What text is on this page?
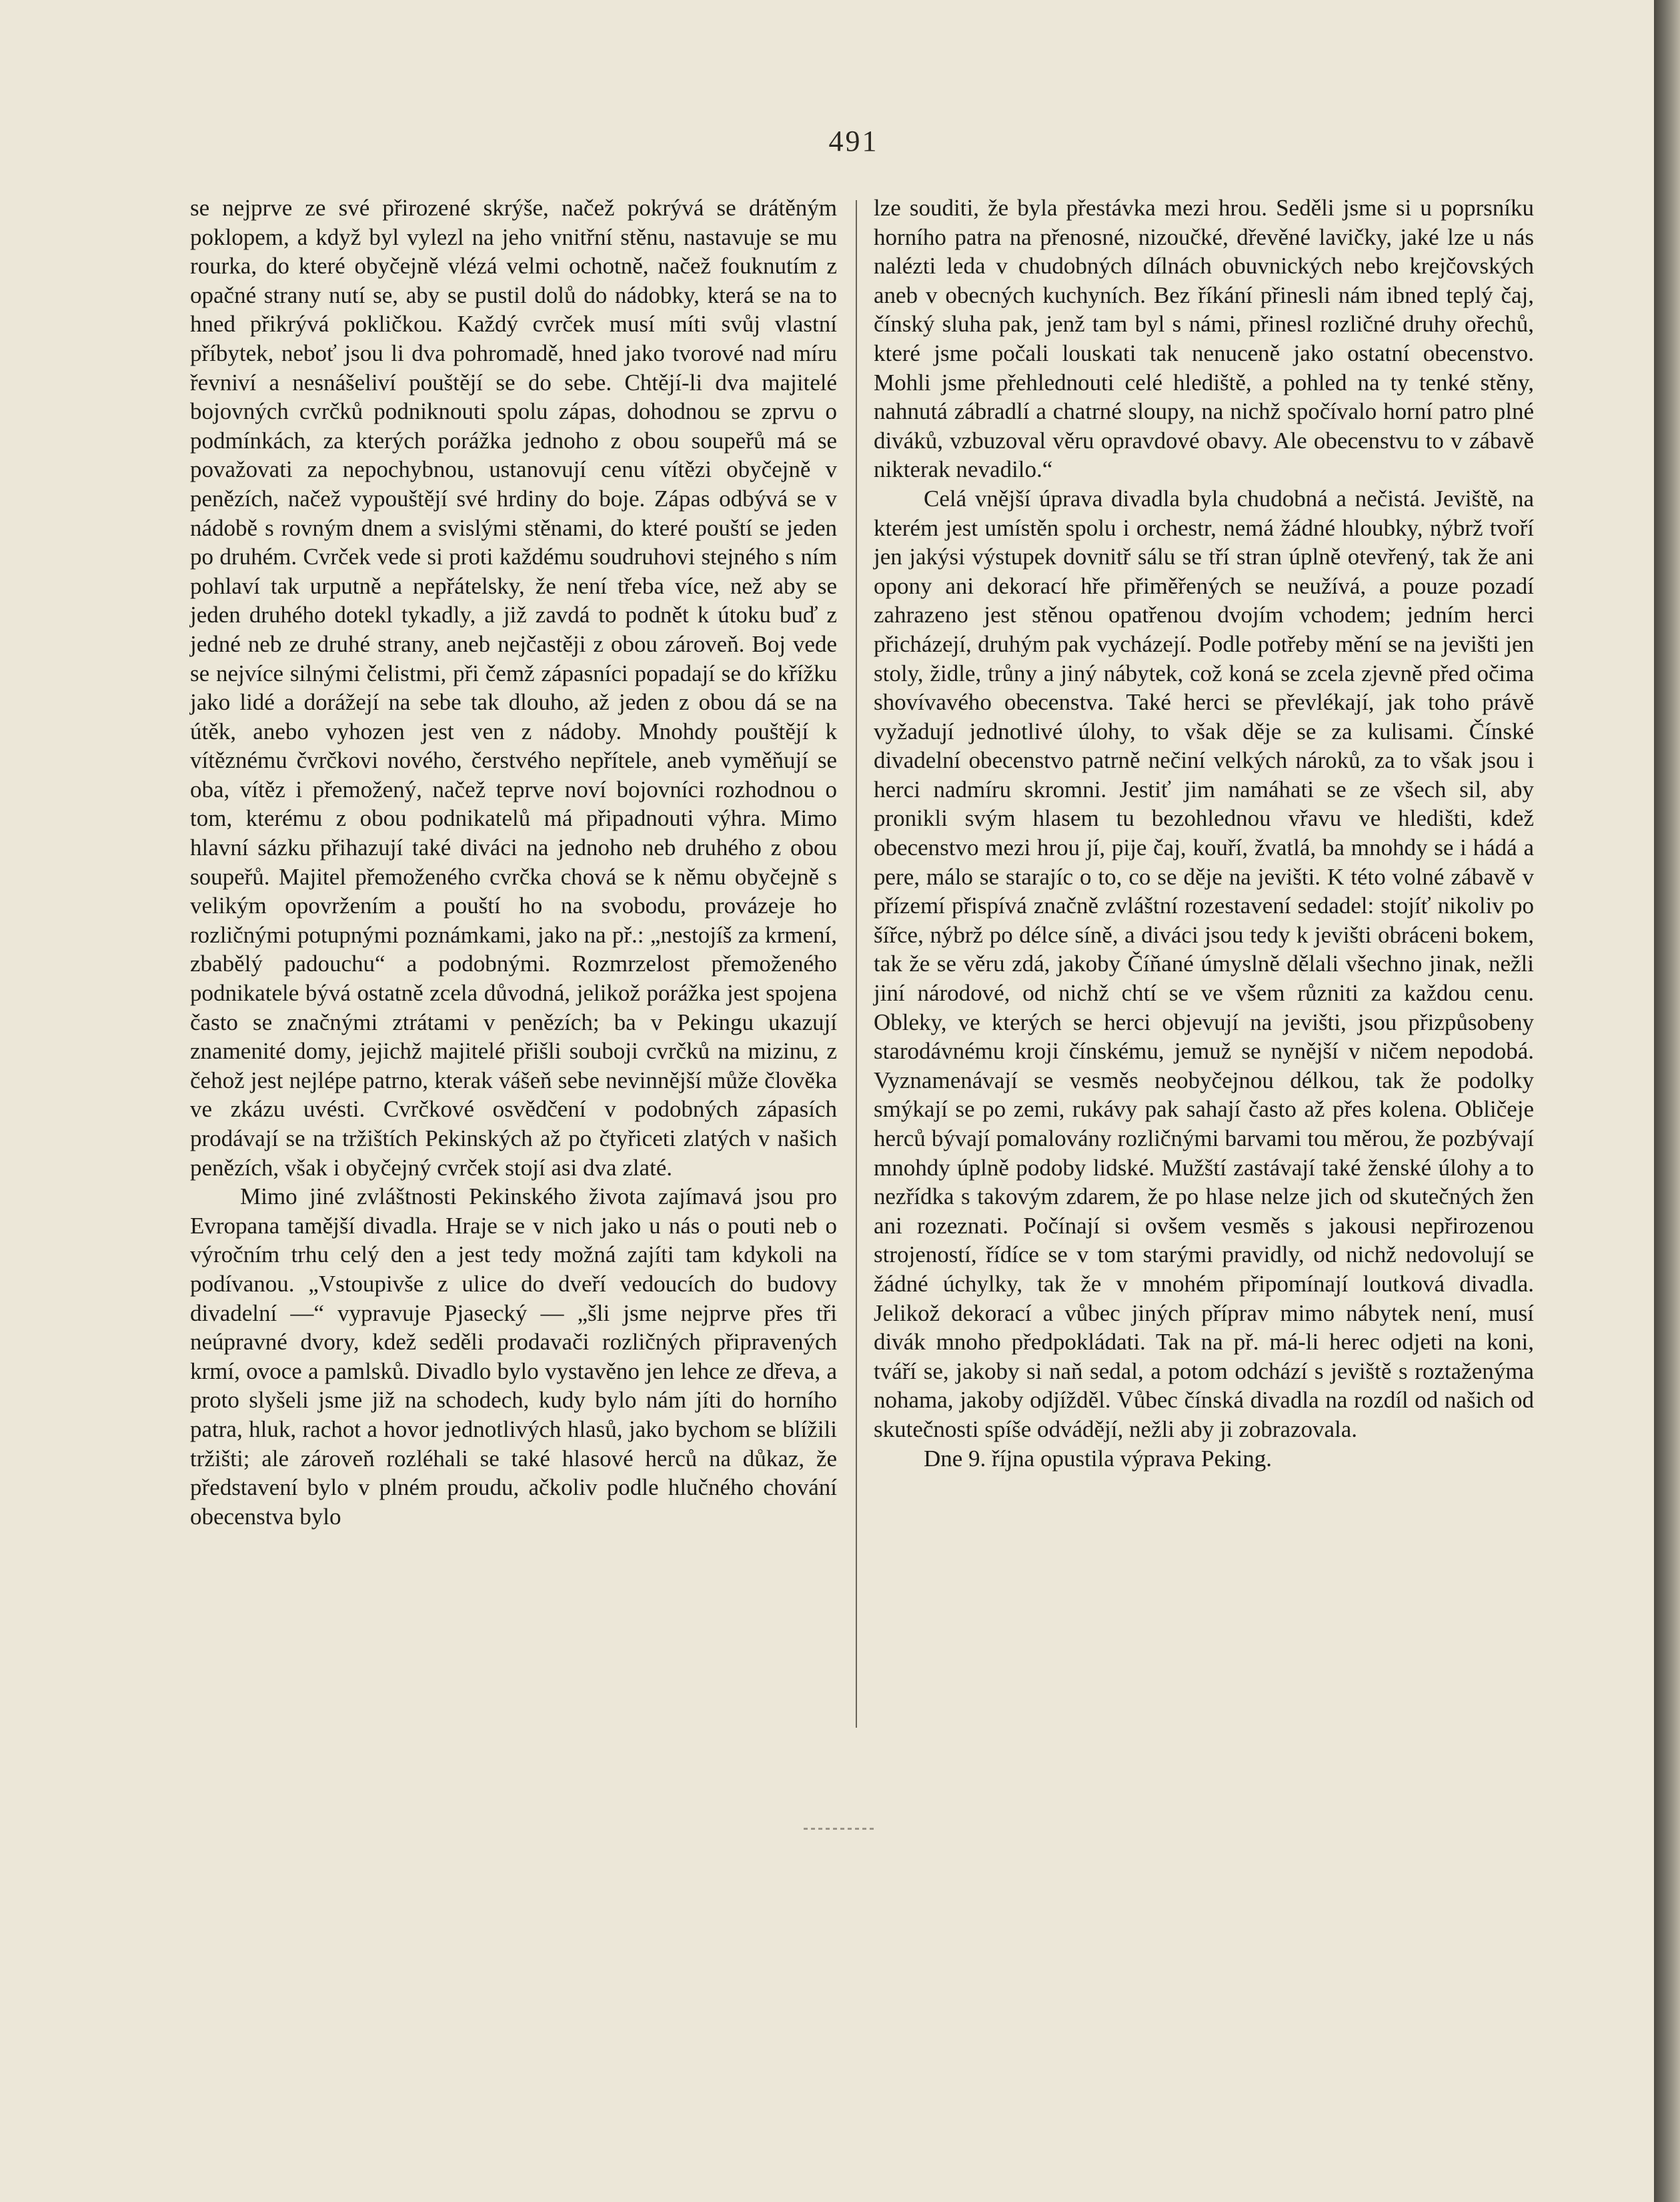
491

se nejprve ze své přirozené skrýše, načež pokrývá se drátěným poklopem, a když byl vylezl na jeho vnitřní stěnu, nastavuje se mu rourka, do které obyčejně vlézá velmi ochotně, načež fouknutím z opačné strany nutí se, aby se pustil dolů do nádobky, která se na to hned přikrývá pokličkou. Každý cvrček musí míti svůj vlastní příbytek, neboť jsou li dva pohromadě, hned jako tvorové nad míru řevniví a nesnášeliví pouštějí se do sebe. Chtějí-li dva majitelé bojovných cvrčků podniknouti spolu zápas, dohodnou se zprvu o podmínkách, za kterých porážka jednoho z obou soupeřů má se považovati za nepochybnou, ustanovují cenu vítězi obyčejně v penězích, načež vypouštějí své hrdiny do boje. Zápas odbývá se v nádobě s rovným dnem a svislými stěnami, do které pouští se jeden po druhém. Cvrček vede si proti každému soudruhovi stejného s ním pohlaví tak urputně a nepřátelsky, že není třeba více, než aby se jeden druhého dotekl tykadly, a již zavdá to podnět k útoku buď z jedné neb ze druhé strany, aneb nejčastěji z obou zároveň. Boj vede se nejvíce silnými čelistmi, při čemž zápasníci popadají se do křížku jako lidé a dorážejí na sebe tak dlouho, až jeden z obou dá se na útěk, anebo vyhozen jest ven z nádoby. Mnohdy pouštějí k vítěznému čvrčkovi nového, čerstvého nepřítele, aneb vyměňují se oba, vítěz i přemožený, načež teprve noví bojovníci rozhodnou o tom, kterému z obou podnikatelů má připadnouti výhra. Mimo hlavní sázku přihazují také diváci na jednoho neb druhého z obou soupeřů. Majitel přemoženého cvrčka chová se k němu obyčejně s velikým opovržením a pouští ho na svobodu, provázeje ho rozličnými potupnými poznámkami, jako na př.: „nestojíš za krmení, zbabělý padouchu“ a podobnými. Rozmrzelost přemoženého podnikatele bývá ostatně zcela důvodná, jelikož porážka jest spojena často se značnými ztrátami v penězích; ba v Pekingu ukazují znamenité domy, jejichž majitelé přišli souboji cvrčků na mizinu, z čehož jest nejlépe patrno, kterak vášeň sebe nevinnější může člověka ve zkázu uvésti. Cvrčkové osvědčení v podobných zápasích prodávají se na tržištích Pekinských až po čtyřiceti zlatých v našich penězích, však i obyčejný cvrček stojí asi dva zlaté.

Mimo jiné zvláštnosti Pekinského života zajímavá jsou pro Evropana tamější divadla. Hraje se v nich jako u nás o pouti neb o výročním trhu celý den a jest tedy možná zajíti tam kdykoli na podívanou. „Vstoupivše z ulice do dveří vedoucích do budovy divadelní —“ vypravuje Pjasecký — „šli jsme nejprve přes tři neúpravné dvory, kdež seděli prodavači rozličných připravených krmí, ovoce a pamlsků. Divadlo bylo vystavěno jen lehce ze dřeva, a proto slyšeli jsme již na schodech, kudy bylo nám jíti do horního patra, hluk, rachot a hovor jednotlivých hlasů, jako bychom se blížili tržišti; ale zároveň rozléhali se také hlasové herců na důkaz, že představení bylo v plném proudu, ačkoliv podle hlučného chování obecenstva bylo

lze souditi, že byla přestávka mezi hrou. Seděli jsme si u poprsníku horního patra na přenosné, nizoučké, dřevěné lavičky, jaké lze u nás nalézti leda v chudobných dílnách obuvnických nebo krejčovských aneb v obecných kuchyních. Bez říkání přinesli nám ibned teplý čaj, čínský sluha pak, jenž tam byl s námi, přinesl rozličné druhy ořechů, které jsme počali louskati tak nenuceně jako ostatní obecenstvo. Mohli jsme přehlednouti celé hlediště, a pohled na ty tenké stěny, nahnutá zábradlí a chatrné sloupy, na nichž spočívalo horní patro plné diváků, vzbuzoval věru opravdové obavy. Ale obecenstvu to v zábavě nikterak nevadilo.“

Celá vnější úprava divadla byla chudobná a nečistá. Jeviště, na kterém jest umístěn spolu i orchestr, nemá žádné hloubky, nýbrž tvoří jen jakýsi výstupek dovnitř sálu se tří stran úplně otevřený, tak že ani opony ani dekorací hře přiměřených se neužívá, a pouze pozadí zahrazeno jest stěnou opatřenou dvojím vchodem; jedním herci přicházejí, druhým pak vycházejí. Podle potřeby mění se na jevišti jen stoly, židle, trůny a jiný nábytek, což koná se zcela zjevně před očima shovívavého obecenstva. Také herci se převlékají, jak toho právě vyžadují jednotlivé úlohy, to však děje se za kulisami. Čínské divadelní obecenstvo patrně nečiní velkých nároků, za to však jsou i herci nadmíru skromni. Jestiť jim namáhati se ze všech sil, aby pronikli svým hlasem tu bezohlednou vřavu ve hledišti, kdež obecenstvo mezi hrou jí, pije čaj, kouří, žvatlá, ba mnohdy se i hádá a pere, málo se starajíc o to, co se děje na jevišti. K této volné zábavě v přízemí přispívá značně zvláštní rozestavení sedadel: stojíť nikoliv po šířce, nýbrž po délce síně, a diváci jsou tedy k jevišti obráceni bokem, tak že se věru zdá, jakoby Číňané úmyslně dělali všechno jinak, nežli jiní národové, od nichž chtí se ve všem různiti za každou cenu. Obleky, ve kterých se herci objevují na jevišti, jsou přizpůsobeny starodávnému kroji čínskému, jemuž se nynější v ničem nepodobá. Vyznamenávají se vesměs neobyčejnou délkou, tak že podolky smýkají se po zemi, rukávy pak sahají často až přes kolena. Obličeje herců bývají pomalovány rozličnými barvami tou měrou, že pozbývají mnohdy úplně podoby lidské. Mužští zastávají také ženské úlohy a to nezřídka s takovým zdarem, že po hlase nelze jich od skutečných žen ani rozeznati. Počínají si ovšem vesměs s jakousi nepřirozenou strojeností, řídíce se v tom starými pravidly, od nichž nedovolují se žádné úchylky, tak že v mnohém připomínají loutková divadla. Jelikož dekorací a vůbec jiných příprav mimo nábytek není, musí divák mnoho předpokládati. Tak na př. má-li herec odjeti na koni, tváří se, jakoby si naň sedal, a potom odchází s jeviště s roztaženýma nohama, jakoby odjížděl. Vůbec čínská divadla na rozdíl od našich od skutečnosti spíše odvádějí, nežli aby ji zobrazovala.

Dne 9. října opustila výprava Peking.
